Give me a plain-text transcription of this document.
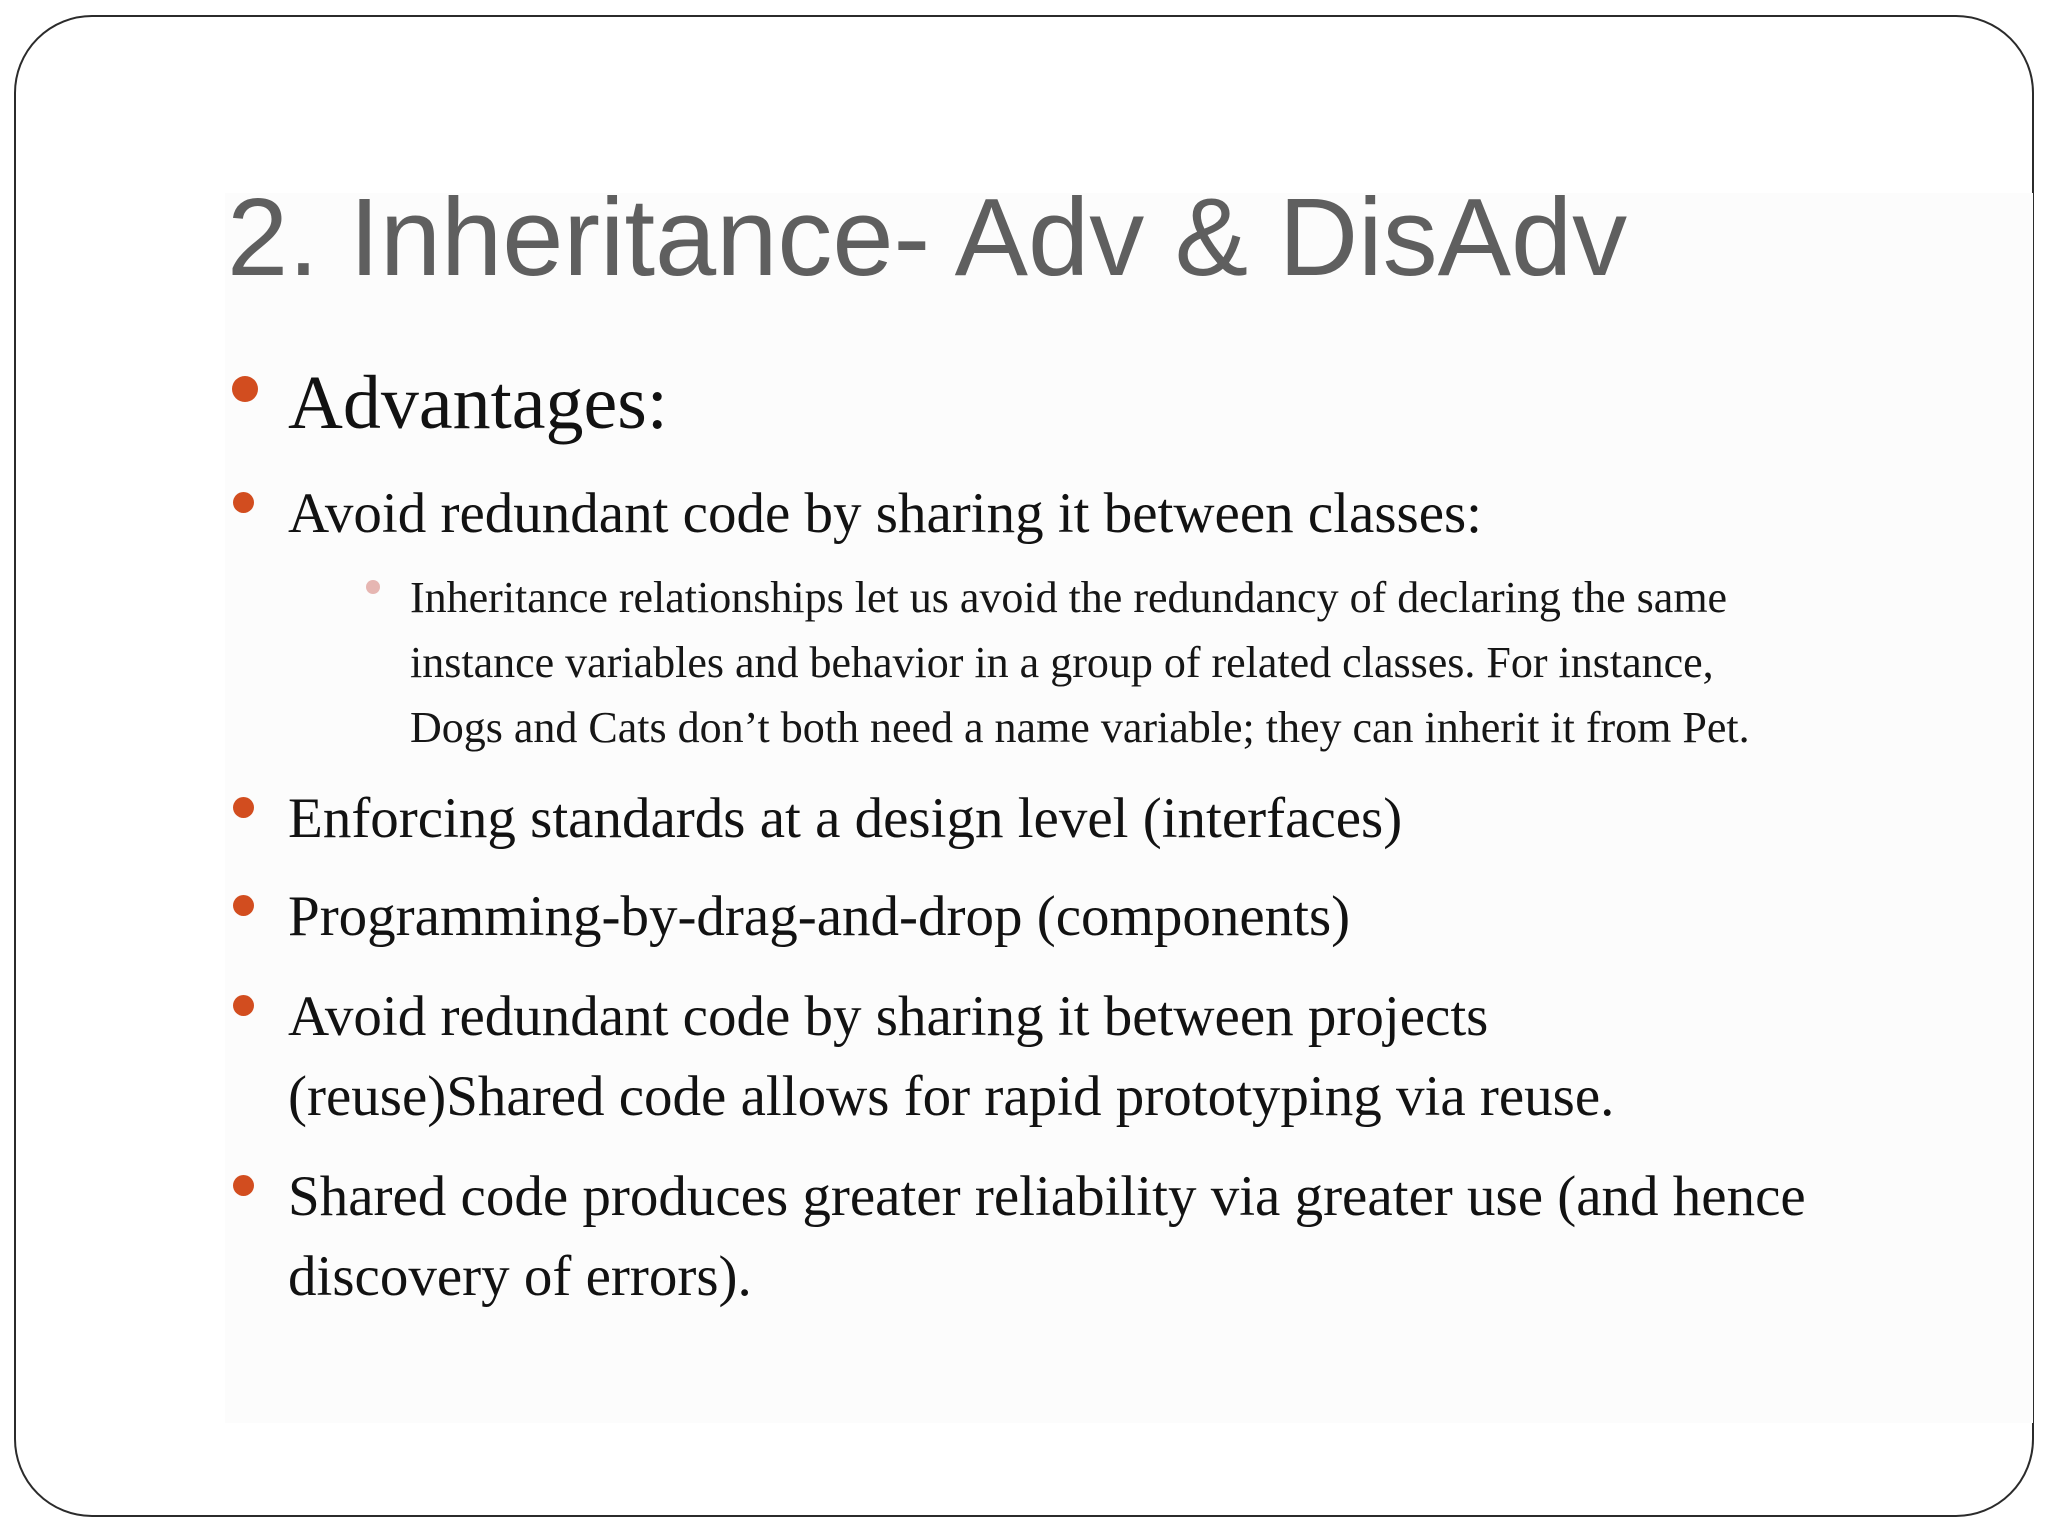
2. Inheritance- Adv & DisAdv
Advantages:
Avoid redundant code by sharing it between classes:
Inheritance relationships let us avoid the redundancy of declaring the same
instance variables and behavior in a group of related classes. For instance,
Dogs and Cats don’t both need a name variable; they can inherit it from Pet.
Enforcing standards at a design level (interfaces)
Programming-by-drag-and-drop (components)
Avoid redundant code by sharing it between projects
(reuse)Shared code allows for rapid prototyping via reuse.
Shared code produces greater reliability via greater use (and hence
discovery of errors).
